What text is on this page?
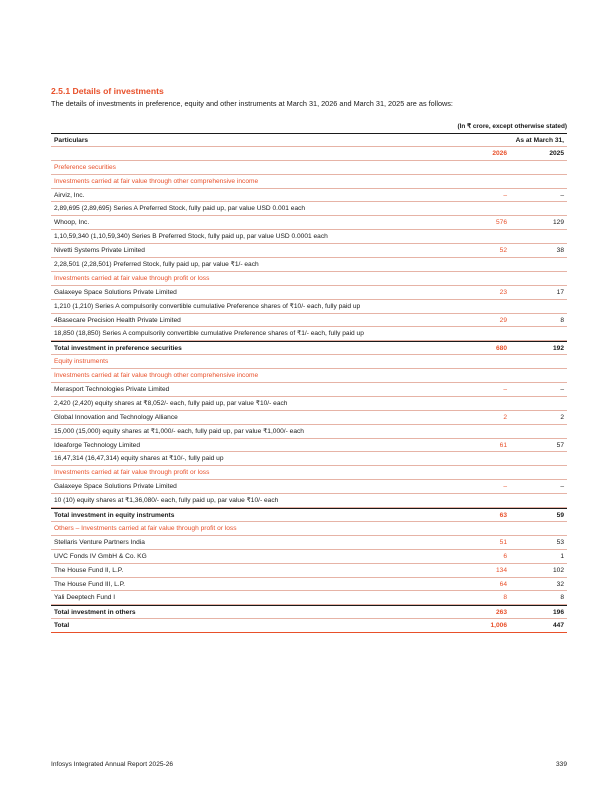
2.5.1 Details of investments
The details of investments in preference, equity and other instruments at March 31, 2026 and March 31, 2025 are as follows:
(In ₹ crore, except otherwise stated)
Particulars	As at March 31,
2026	2025
Preference securities
Investments carried at fair value through other comprehensive income
Airviz, Inc.	–	–
2,89,695 (2,89,695) Series A Preferred Stock, fully paid up, par value USD 0.001 each
Whoop, Inc.	576	129
1,10,59,340 (1,10,59,340) Series B Preferred Stock, fully paid up, par value USD 0.0001 each
Nivetti Systems Private Limited	52	38
2,28,501 (2,28,501) Preferred Stock, fully paid up, par value ₹1/- each
Investments carried at fair value through profit or loss
Galaxeye Space Solutions Private Limited	23	17
1,210 (1,210) Series A compulsorily convertible cumulative Preference shares of ₹10/- each, fully paid up
4Basecare Precision Health Private Limited	29	8
18,850 (18,850) Series A compulsorily convertible cumulative Preference shares of ₹1/- each, fully paid up
Total investment in preference securities	680	192
Equity instruments
Investments carried at fair value through other comprehensive income
Merasport Technologies Private Limited	–	–
2,420 (2,420) equity shares at ₹8,052/- each, fully paid up, par value ₹10/- each
Global Innovation and Technology Alliance	2	2
15,000 (15,000) equity shares at ₹1,000/- each, fully paid up, par value ₹1,000/- each
Ideaforge Technology Limited	61	57
16,47,314 (16,47,314) equity shares at ₹10/-, fully paid up
Investments carried at fair value through profit or loss
Galaxeye Space Solutions Private Limited	–	–
10 (10) equity shares at ₹1,36,080/- each, fully paid up, par value ₹10/- each
Total investment in equity instruments	63	59
Others – Investments carried at fair value through profit or loss
Stellaris Venture Partners India	51	53
UVC Fonds IV GmbH & Co. KG	6	1
The House Fund II, L.P.	134	102
The House Fund III, L.P.	64	32
Yali Deeptech Fund I	8	8
Total investment in others	263	196
Total	1,006	447
Infosys Integrated Annual Report 2025-26	339
